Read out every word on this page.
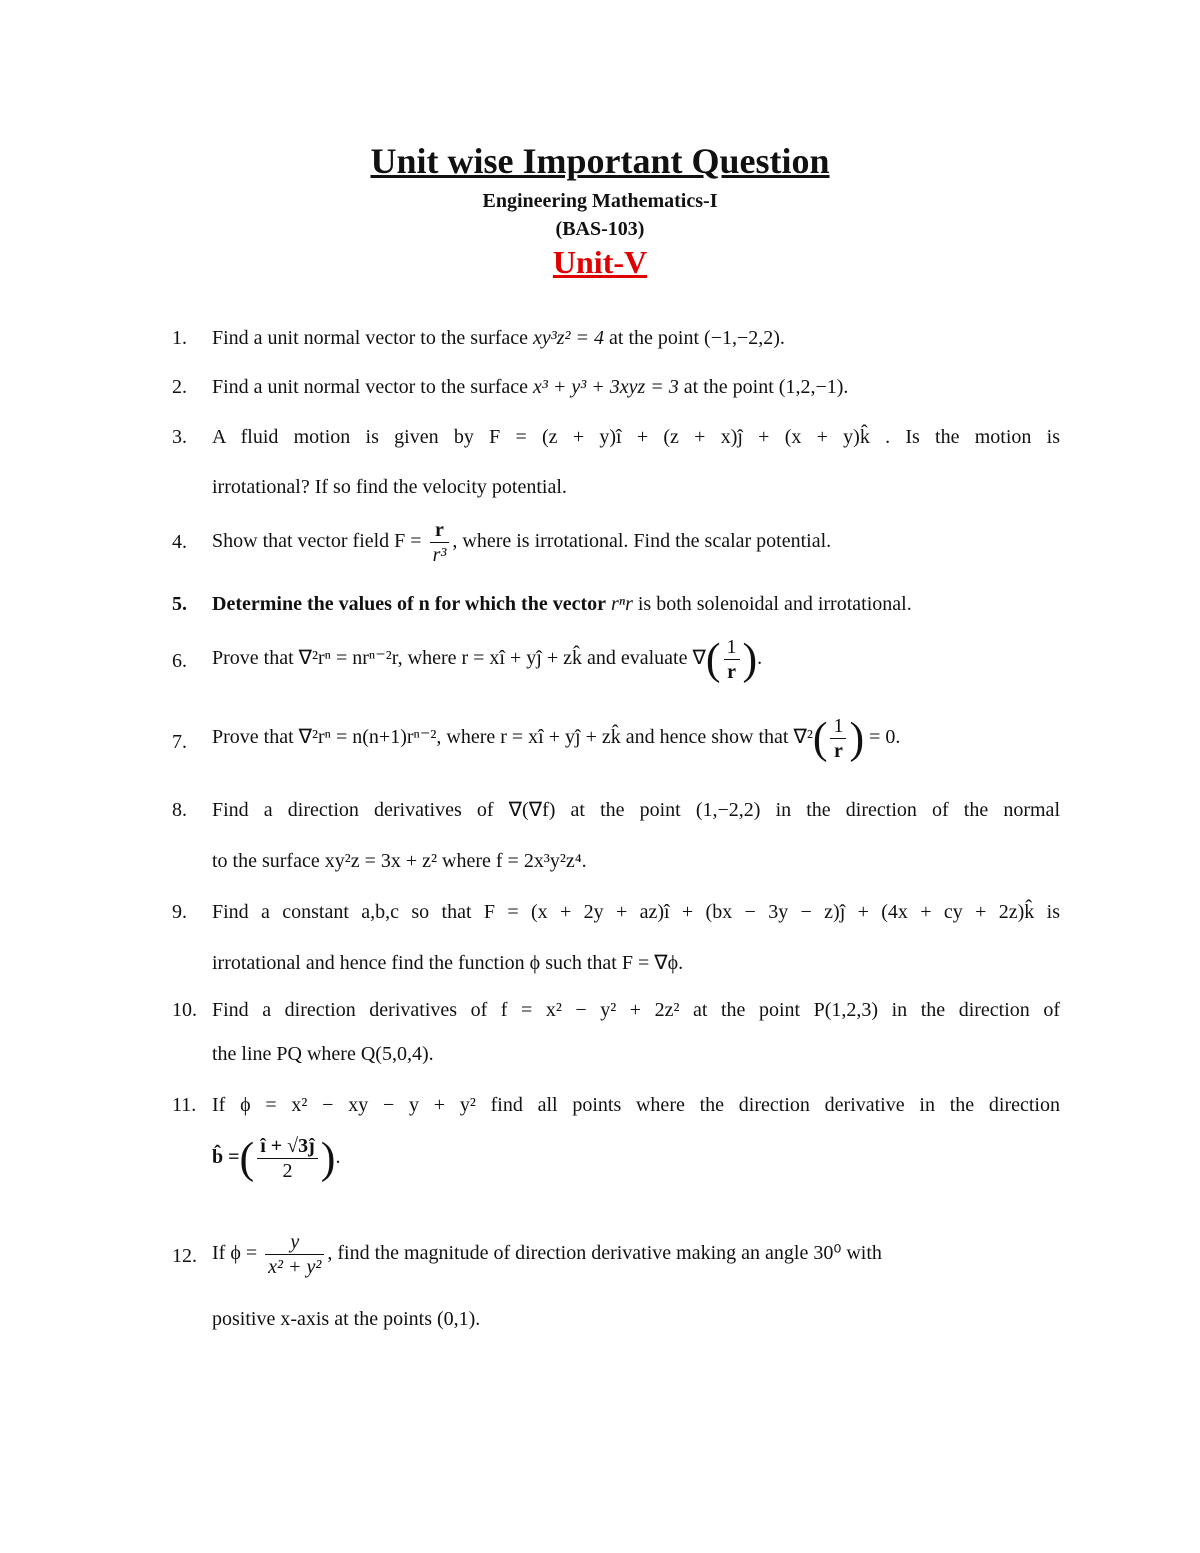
Unit wise Important Question
Engineering Mathematics-I
(BAS-103)
Unit-V
1.	Find a unit normal vector to the surface xy³z² = 4 at the point (−1,−2,2).
2.	Find a unit normal vector to the surface x³ + y³ + 3xyz = 3 at the point (1,2,−1).
3.	A fluid motion is given by F = (z + y)î + (z + x)ĵ + (x + y)k̂ . Is the motion is
irrotational? If so find the velocity potential.
4.	Show that vector field $F = \frac{r}{\text{r³}}$ , where is irrotational. Find the scalar potential.
5.	Determine the values of n for which the vector rⁿr is both solenoidal and irrotational.
6.	Prove that ∇²rⁿ = nrⁿ⁻²r, where r = xî + yĵ + zk̂ and evaluate ∇( $\frac{1}{r}$ ).
7.	Prove that ∇²rⁿ = n(n+1)rⁿ⁻², where r = xî + yĵ + zk̂ and hence show that $\nabla^2( \frac{1}{r}$ ) = 0.
8.	Find a direction derivatives of ∇(∇f) at the point (1,−2,2) in the direction of the normal
to the surface xy²z = 3x + z² where f = 2x³y²z⁴.
9.	Find a constant a,b,c so that F = (x + 2y + az)î + (bx − 3y − z)ĵ + (4x + cy + 2z)k̂ is
irrotational and hence find the function ϕ such that F = ∇ϕ.
10. Find a direction derivatives of f = x² − y² + 2z² at the point P(1,2,3) in the direction of
the line PQ where Q(5,0,4).
11. If ϕ = x² − xy − y + y² find all points where the direction derivative in the direction
b̂ =( $\frac{î + √3ĵ}{2}$ ).
12. If $\phi = \frac{y}{\text{x² + y²}}$ , find the magnitude of direction derivative making an angle 30⁰ with
positive x-axis at the points (0,1).
